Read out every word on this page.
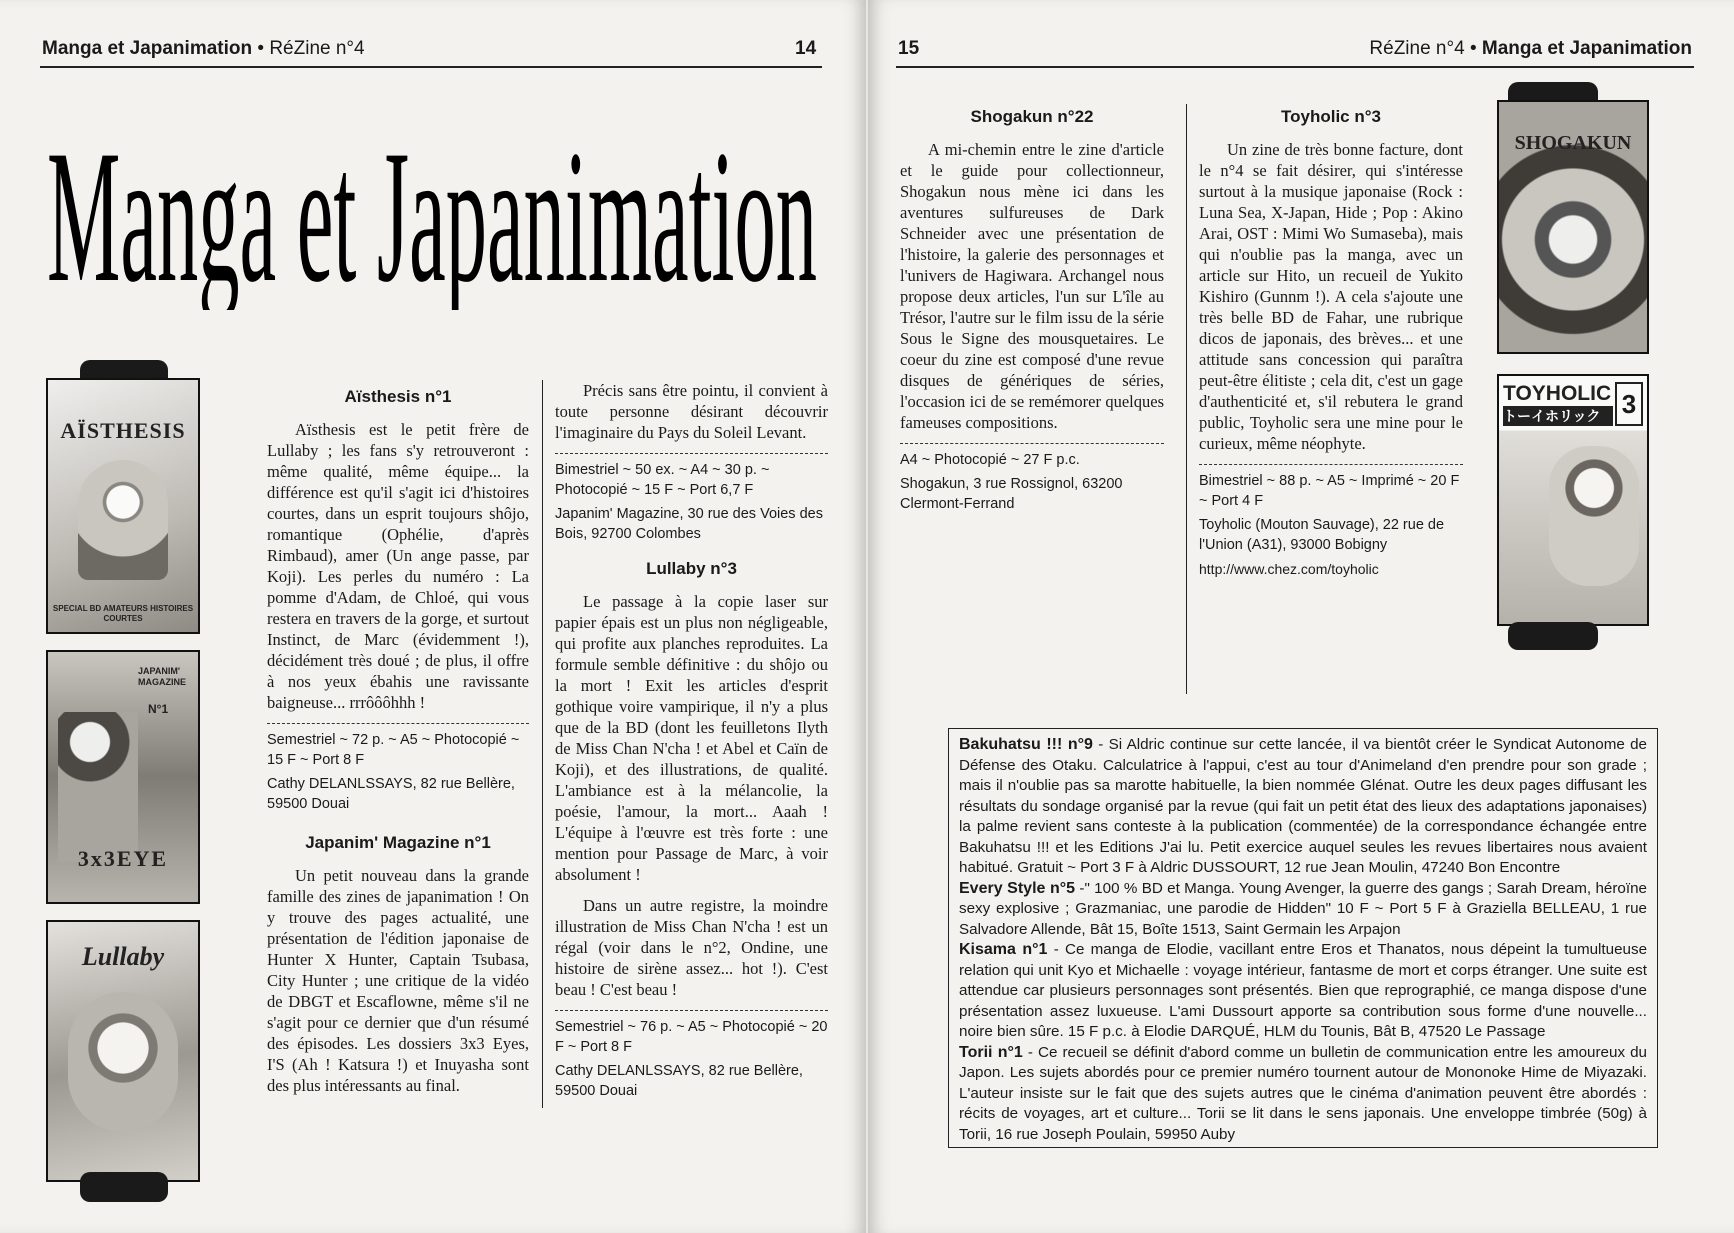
Manga et Japanimation • RéZine n°4	14
Manga et Japanimation
AÏSTHESIS
SPECIAL BD AMATEURS HISTOIRES COURTES
JAPANIM' MAGAZINE
N°1
3x3EYE
Lullaby
Aïsthesis n°1

Aïsthesis est le petit frère de Lullaby ; les fans s'y retrouveront : même qualité, même équipe... la différence est qu'il s'agit ici d'histoires courtes, dans un esprit toujours shôjo, romantique (Ophélie, d'après Rimbaud), amer (Un ange passe, par Koji). Les perles du numéro : La pomme d'Adam, de Chloé, qui vous restera en travers de la gorge, et surtout Instinct, de Marc (évidemment !), décidément très doué ; de plus, il offre à nos yeux ébahis une ravissante baigneuse... rrrôôôhhh !

Semestriel ~ 72 p. ~ A5 ~ Photocopié ~ 15 F ~ Port 8 F
Cathy DELANLSSAYS, 82 rue Bellère, 59500 Douai
Japanim' Magazine n°1

Un petit nouveau dans la grande famille des zines de japanimation ! On y trouve des pages actualité, une présentation de l'édition japonaise de Hunter X Hunter, Captain Tsubasa, City Hunter ; une critique de la vidéo de DBGT et Escaflowne, même s'il ne s'agit pour ce dernier que d'un résumé des épisodes. Les dossiers 3x3 Eyes, I'S (Ah ! Katsura !) et Inuyasha sont des plus intéressants au final.

Précis sans être pointu, il convient à toute personne désirant découvrir l'imaginaire du Pays du Soleil Levant.

Bimestriel ~ 50 ex. ~ A4 ~ 30 p. ~ Photocopié ~ 15 F ~ Port 6,7 F
Japanim' Magazine, 30 rue des Voies des Bois, 92700 Colombes
Lullaby n°3

Le passage à la copie laser sur papier épais est un plus non négligeable, qui profite aux planches reproduites. La formule semble définitive : du shôjo ou la mort ! Exit les articles d'esprit gothique voire vampirique, il n'y a plus que de la BD (dont les feuilletons Ilyth de Miss Chan N'cha ! et Abel et Caïn de Koji), et des illustrations, de qualité. L'ambiance est à la mélancolie, la poésie, l'amour, la mort... Aaah ! L'équipe à l'œuvre est très forte : une mention pour Passage de Marc, à voir absolument !

Dans un autre registre, la moindre illustration de Miss Chan N'cha ! est un régal (voir dans le n°2, Ondine, une histoire de sirène assez... hot !). C'est beau ! C'est beau !

Semestriel ~ 76 p. ~ A5 ~ Photocopié ~ 20 F ~ Port 8 F
Cathy DELANLSSAYS, 82 rue Bellère, 59500 Douai
15	RéZine n°4 • Manga et Japanimation
Shogakun n°22

A mi-chemin entre le zine d'article et le guide pour collectionneur, Shogakun nous mène ici dans les aventures sulfureuses de Dark Schneider avec une présentation de l'histoire, la galerie des personnages et l'univers de Hagiwara. Archangel nous propose deux articles, l'un sur L'île au Trésor, l'autre sur le film issu de la série Sous le Signe des mousquetaires. Le coeur du zine est composé d'une revue disques de génériques de séries, l'occasion ici de se remémorer quelques fameuses compositions.

A4 ~ Photocopié ~ 27 F p.c.
Shogakun, 3 rue Rossignol, 63200 Clermont-Ferrand
Toyholic n°3

Un zine de très bonne facture, dont le n°4 se fait désirer, qui s'intéresse surtout à la musique japonaise (Rock : Luna Sea, X-Japan, Hide ; Pop : Akino Arai, OST : Mimi Wo Sumaseba), mais qui n'oublie pas la manga, avec un article sur Hito, un recueil de Yukito Kishiro (Gunnm !). A cela s'ajoute une très belle BD de Fahar, une rubrique dicos de japonais, des brèves... et une attitude sans concession qui paraîtra peut-être élitiste ; cela dit, c'est un gage d'authenticité et, s'il rebutera le grand public, Toyholic sera une mine pour le curieux, même néophyte.

Bimestriel ~ 88 p. ~ A5 ~ Imprimé ~ 20 F ~ Port 4 F
Toyholic (Mouton Sauvage), 22 rue de l'Union (A31), 93000 Bobigny
http://www.chez.com/toyholic
SHOGAKUN
TOYHOLIC
トーイホリック 3

Bakuhatsu !!! n°9 - Si Aldric continue sur cette lancée, il va bientôt créer le Syndicat Autonome de Défense des Otaku. Calculatrice à l'appui, c'est au tour d'Animeland d'en prendre pour son grade ; mais il n'oublie pas sa marotte habituelle, la bien nommée Glénat. Outre les deux pages diffusant les résultats du sondage organisé par la revue (qui fait un petit état des lieux des adaptations japonaises) la palme revient sans conteste à la publication (commentée) de la correspondance échangée entre Bakuhatsu !!! et les Editions J'ai lu. Petit exercice auquel seules les revues libertaires nous avaient habitué. Gratuit ~ Port 3 F à Aldric DUSSOURT, 12 rue Jean Moulin, 47240 Bon Encontre

Every Style n°5 -" 100 % BD et Manga. Young Avenger, la guerre des gangs ; Sarah Dream, héroïne sexy explosive ; Grazmaniac, une parodie de Hidden" 10 F ~ Port 5 F à Graziella BELLEAU, 1 rue Salvadore Allende, Bât 15, Boîte 1513, Saint Germain les Arpajon

Kisama n°1 - Ce manga de Elodie, vacillant entre Eros et Thanatos, nous dépeint la tumultueuse relation qui unit Kyo et Michaelle : voyage intérieur, fantasme de mort et corps étranger. Une suite est attendue car plusieurs personnages sont présentés. Bien que reprographié, ce manga dispose d'une présentation assez luxueuse. L'ami Dussourt apporte sa contribution sous forme d'une nouvelle... noire bien sûre. 15 F p.c. à Elodie DARQUÉ, HLM du Tounis, Bât B, 47520 Le Passage

Torii n°1 - Ce recueil se définit d'abord comme un bulletin de communication entre les amoureux du Japon. Les sujets abordés pour ce premier numéro tournent autour de Mononoke Hime de Miyazaki. L'auteur insiste sur le fait que des sujets autres que le cinéma d'animation peuvent être abordés : récits de voyages, art et culture... Torii se lit dans le sens japonais. Une enveloppe timbrée (50g) à Torii, 16 rue Joseph Poulain, 59950 Auby
